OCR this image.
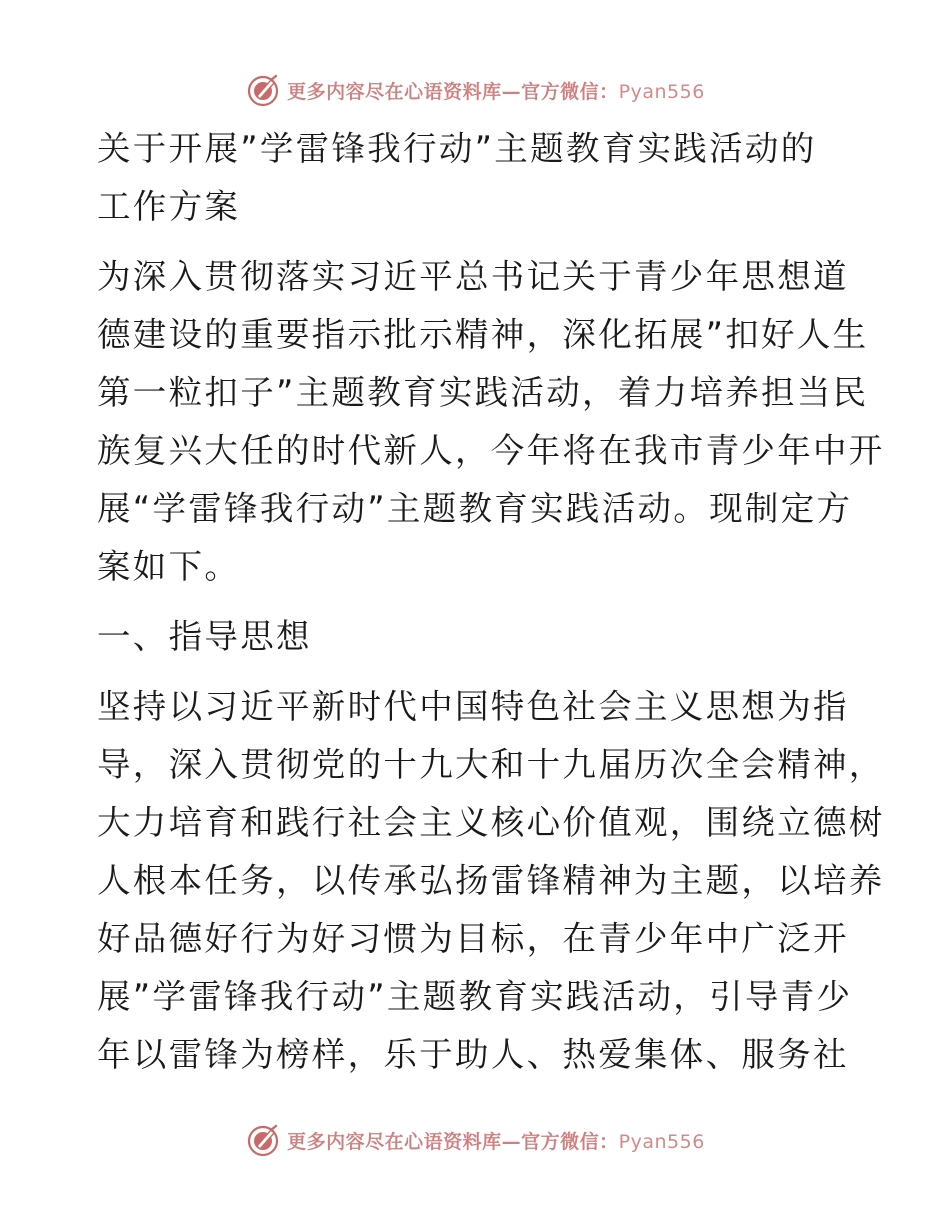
更多内容尽在心语资料库—官方微信：Pyan556

关于开展”学雷锋我行动”主题教育实践活动的

工作方案

为深入贯彻落实习近平总书记关于青少年思想道

德建设的重要指示批示精神，深化拓展”扣好人生

第一粒扣子”主题教育实践活动，着力培养担当民

族复兴大任的时代新人，今年将在我市青少年中开

展“学雷锋我行动”主题教育实践活动。现制定方

案如下。

一、指导思想

坚持以习近平新时代中国特色社会主义思想为指

导，深入贯彻党的十九大和十九届历次全会精神，

大力培育和践行社会主义核心价值观，围绕立德树

人根本任务，以传承弘扬雷锋精神为主题，以培养

好品德好行为好习惯为目标，在青少年中广泛开

展”学雷锋我行动”主题教育实践活动，引导青少

年以雷锋为榜样，乐于助人、热爱集体、服务社

更多内容尽在心语资料库—官方微信：Pyan556
